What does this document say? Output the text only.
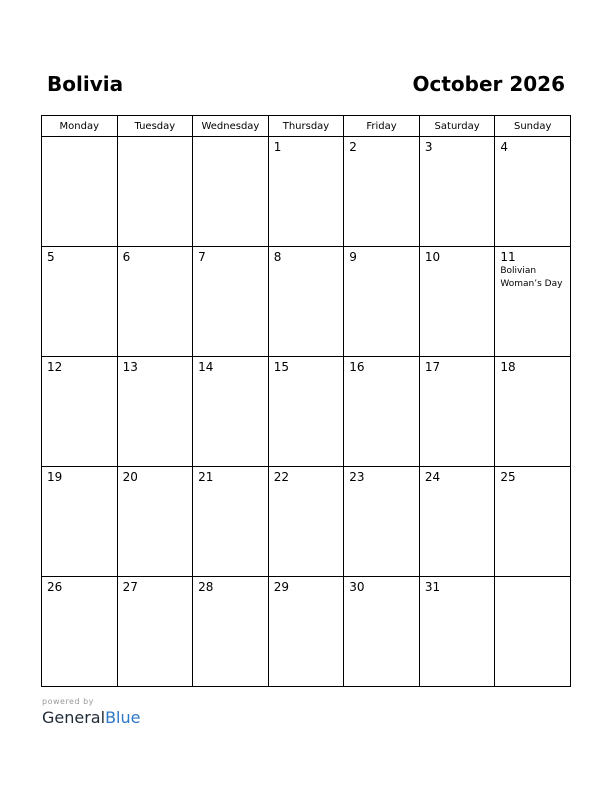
Bolivia	October 2026
Monday	Tuesday	Wednesday	Thursday	Friday	Saturday	Sunday

			1	2	3	4

5	6	7	8	9	10	11
Bolivian Woman’s Day

12	13	14	15	16	17	18

19	20	21	22	23	24	25

26	27	28	29	30	31	

powered by
GeneralBlue
